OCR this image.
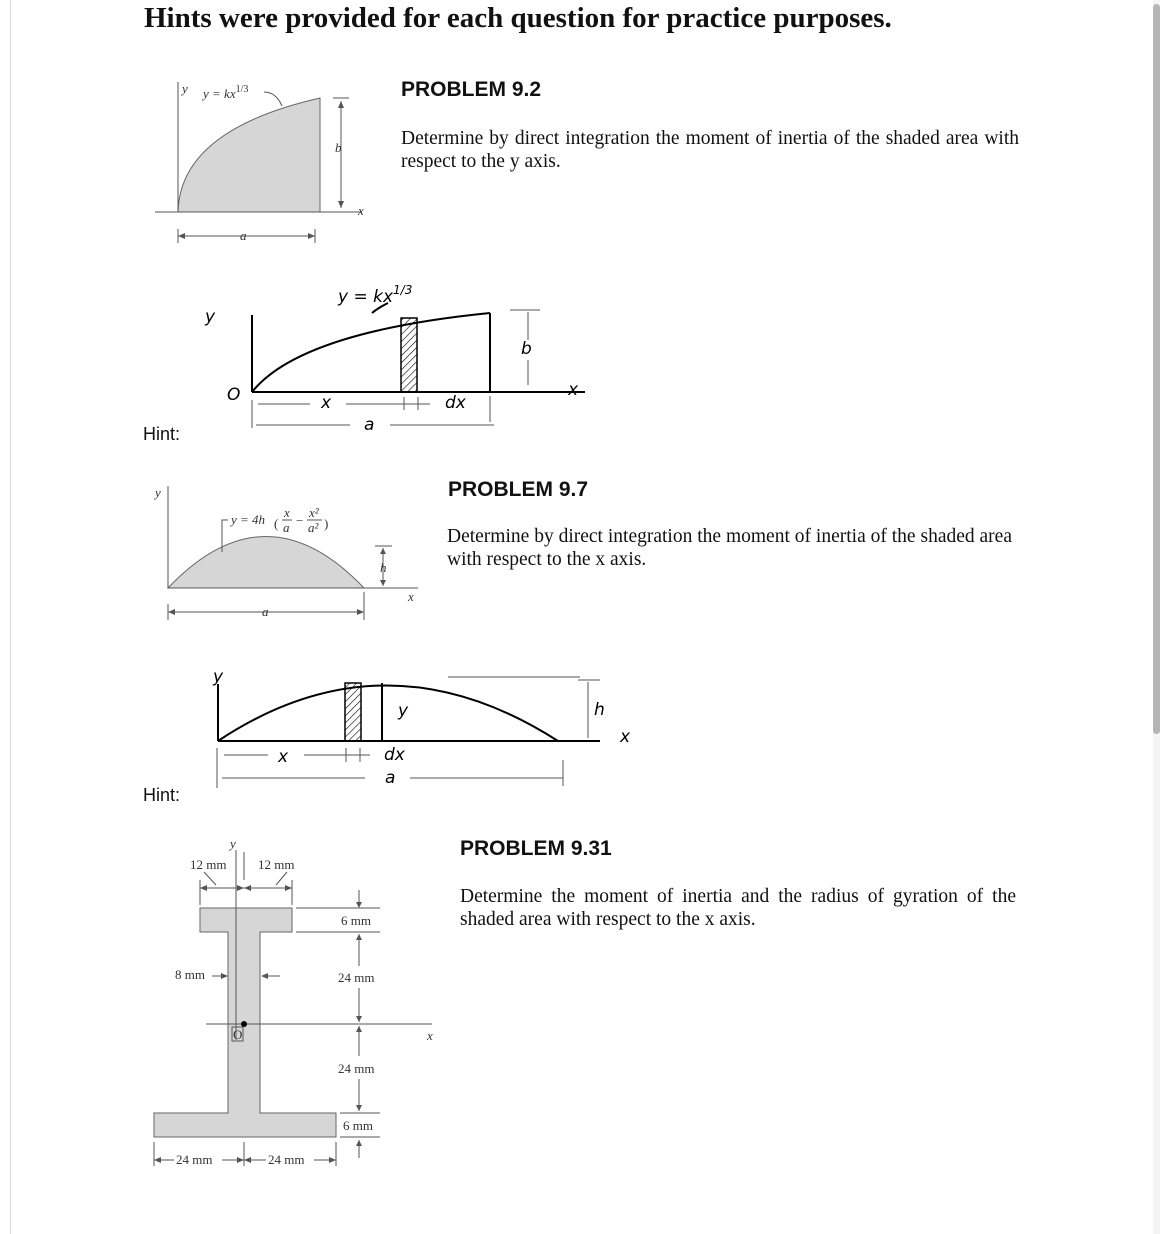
Hints were provided for each question for practice purposes.
PROBLEM 9.2
Determine by direct integration the moment of inertia of the shaded area with respect to the y axis.
y
x
$y = kx^{1/3}$
b
a
$y = kx^{1/3}$
y
O
b
x
x	dx
a
Hint:
PROBLEM 9.7
Determine by direct integration the moment of inertia of the shaded area with respect to the x axis.
y
x
y = 4h (
x
a −
x²
a² )
h
a
y
y	h
x
x	dx
a
Hint:
PROBLEM 9.31
Determine the moment of inertia and the radius of gyration of the shaded area with respect to the x axis.
y
x
O
12 mm 12 mm
8 mm
6 mm
24 mm
24 mm
6 mm
24 mm	24 mm
